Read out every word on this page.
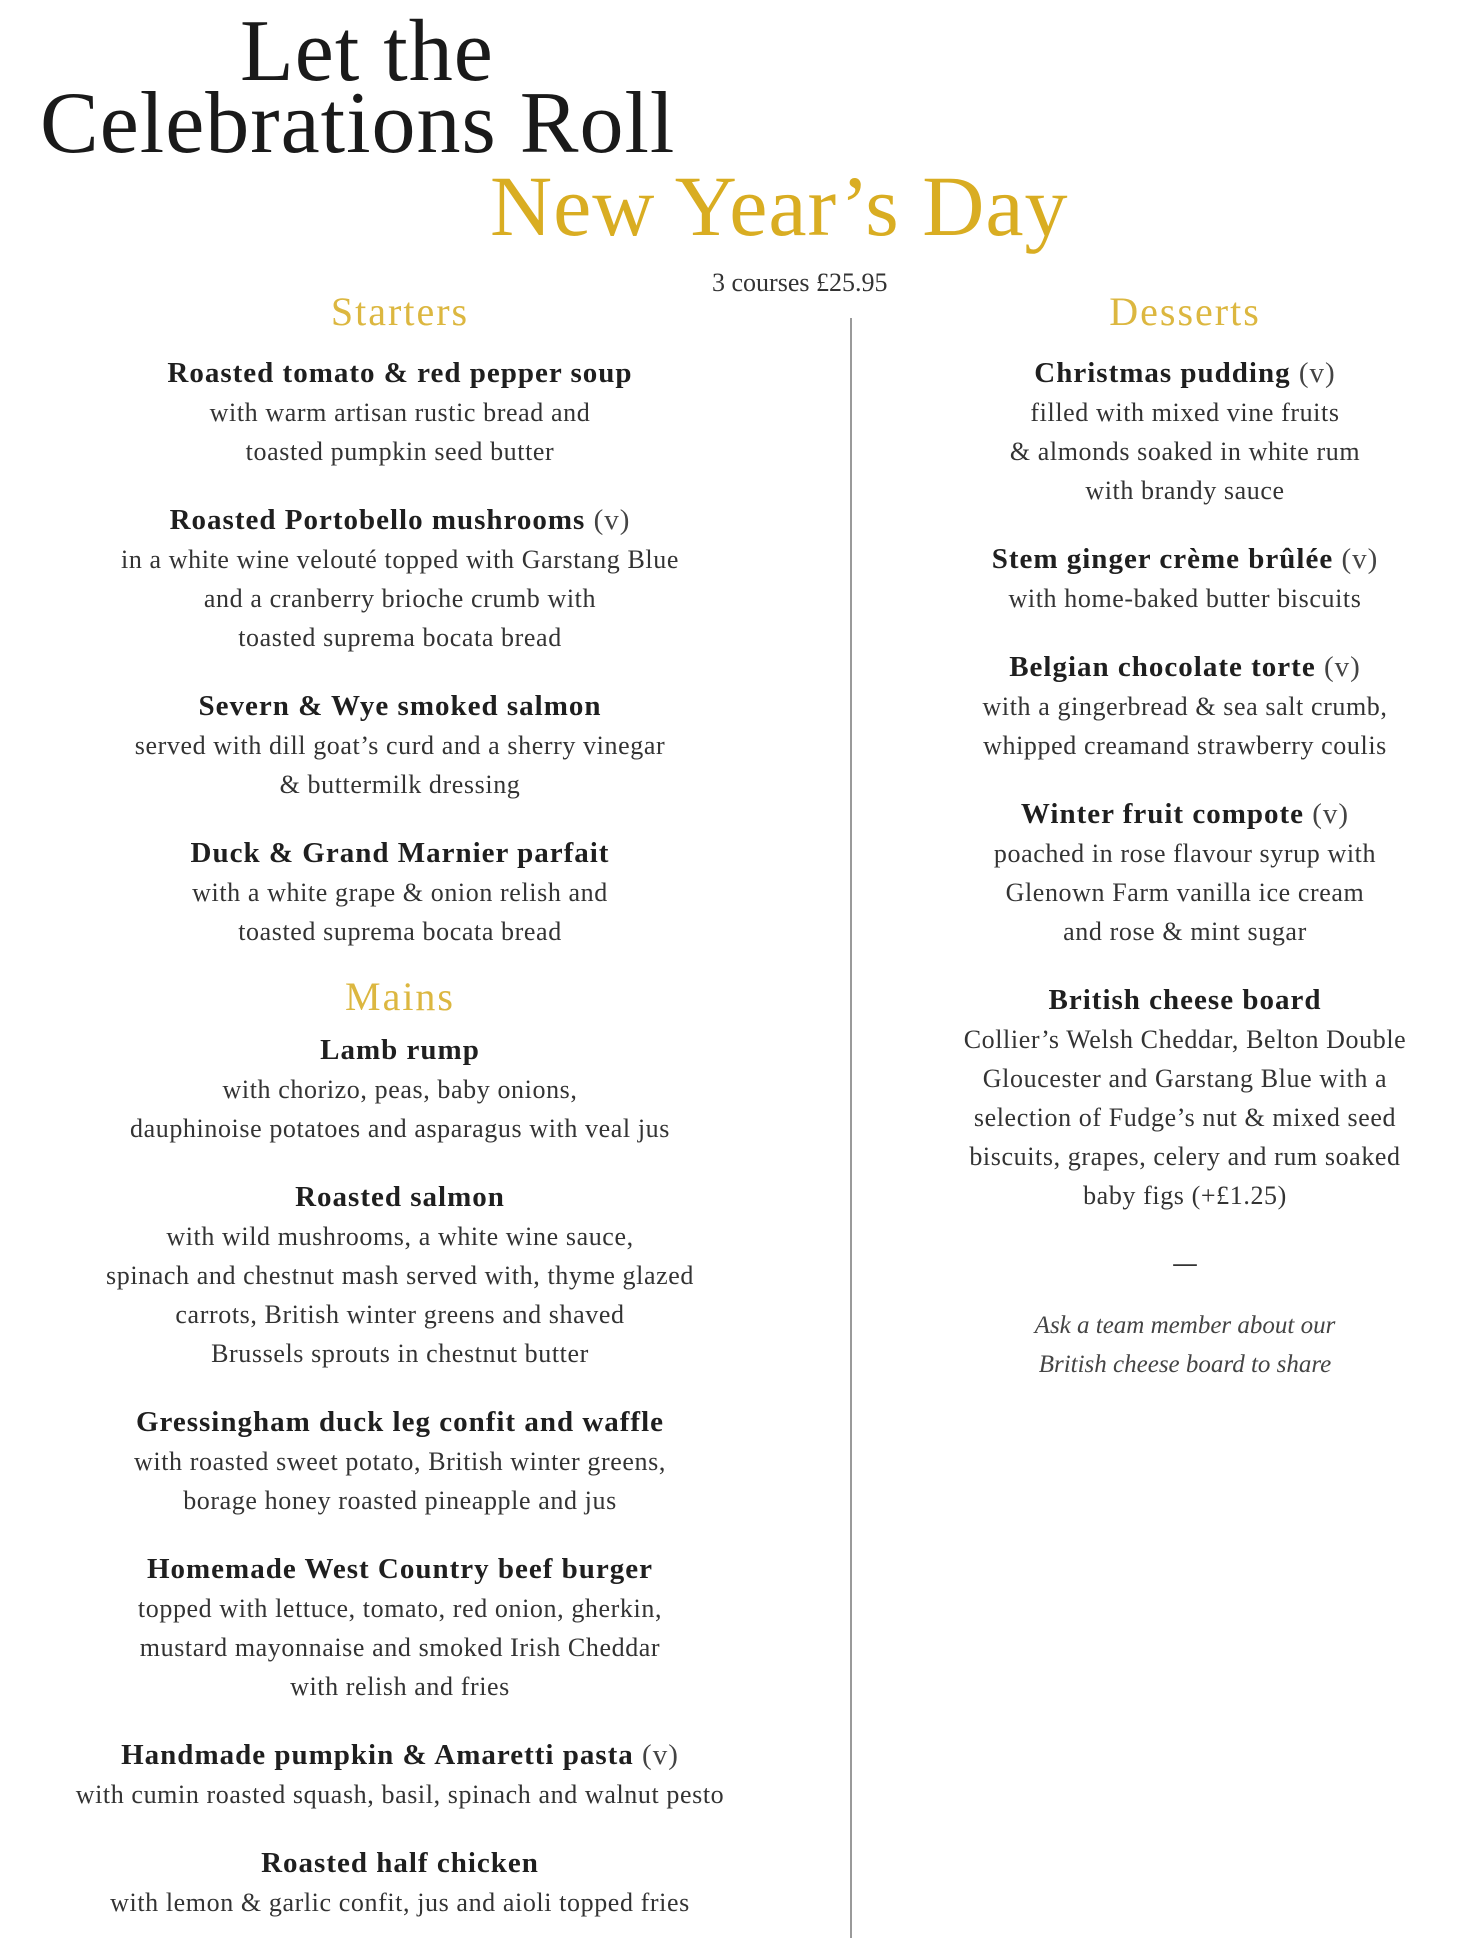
Let the
Celebrations Roll
New Year’s Day
3 courses £25.95
Starters
Roasted tomato & red pepper soup
with warm artisan rustic bread and
toasted pumpkin seed butter
Roasted Portobello mushrooms (v)
in a white wine velouté topped with Garstang Blue
and a cranberry brioche crumb with
toasted suprema bocata bread
Severn & Wye smoked salmon
served with dill goat’s curd and a sherry vinegar
& buttermilk dressing
Duck & Grand Marnier parfait
with a white grape & onion relish and
toasted suprema bocata bread
Mains
Lamb rump
with chorizo, peas, baby onions,
dauphinoise potatoes and asparagus with veal jus
Roasted salmon
with wild mushrooms, a white wine sauce,
spinach and chestnut mash served with, thyme glazed
carrots, British winter greens and shaved
Brussels sprouts in chestnut butter
Gressingham duck leg confit and waffle
with roasted sweet potato, British winter greens,
borage honey roasted pineapple and jus
Homemade West Country beef burger
topped with lettuce, tomato, red onion, gherkin,
mustard mayonnaise and smoked Irish Cheddar
with relish and fries
Handmade pumpkin & Amaretti pasta (v)
with cumin roasted squash, basil, spinach and walnut pesto
Roasted half chicken
with lemon & garlic confit, jus and aioli topped fries
Desserts
Christmas pudding (v)
filled with mixed vine fruits
& almonds soaked in white rum
with brandy sauce
Stem ginger crème brûlée (v)
with home-baked butter biscuits
Belgian chocolate torte (v)
with a gingerbread & sea salt crumb,
whipped creamand strawberry coulis
Winter fruit compote (v)
poached in rose flavour syrup with
Glenown Farm vanilla ice cream
and rose & mint sugar
British cheese board
Collier’s Welsh Cheddar, Belton Double
Gloucester and Garstang Blue with a
selection of Fudge’s nut & mixed seed
biscuits, grapes, celery and rum soaked
baby figs (+£1.25)
—
Ask a team member about our
British cheese board to share
